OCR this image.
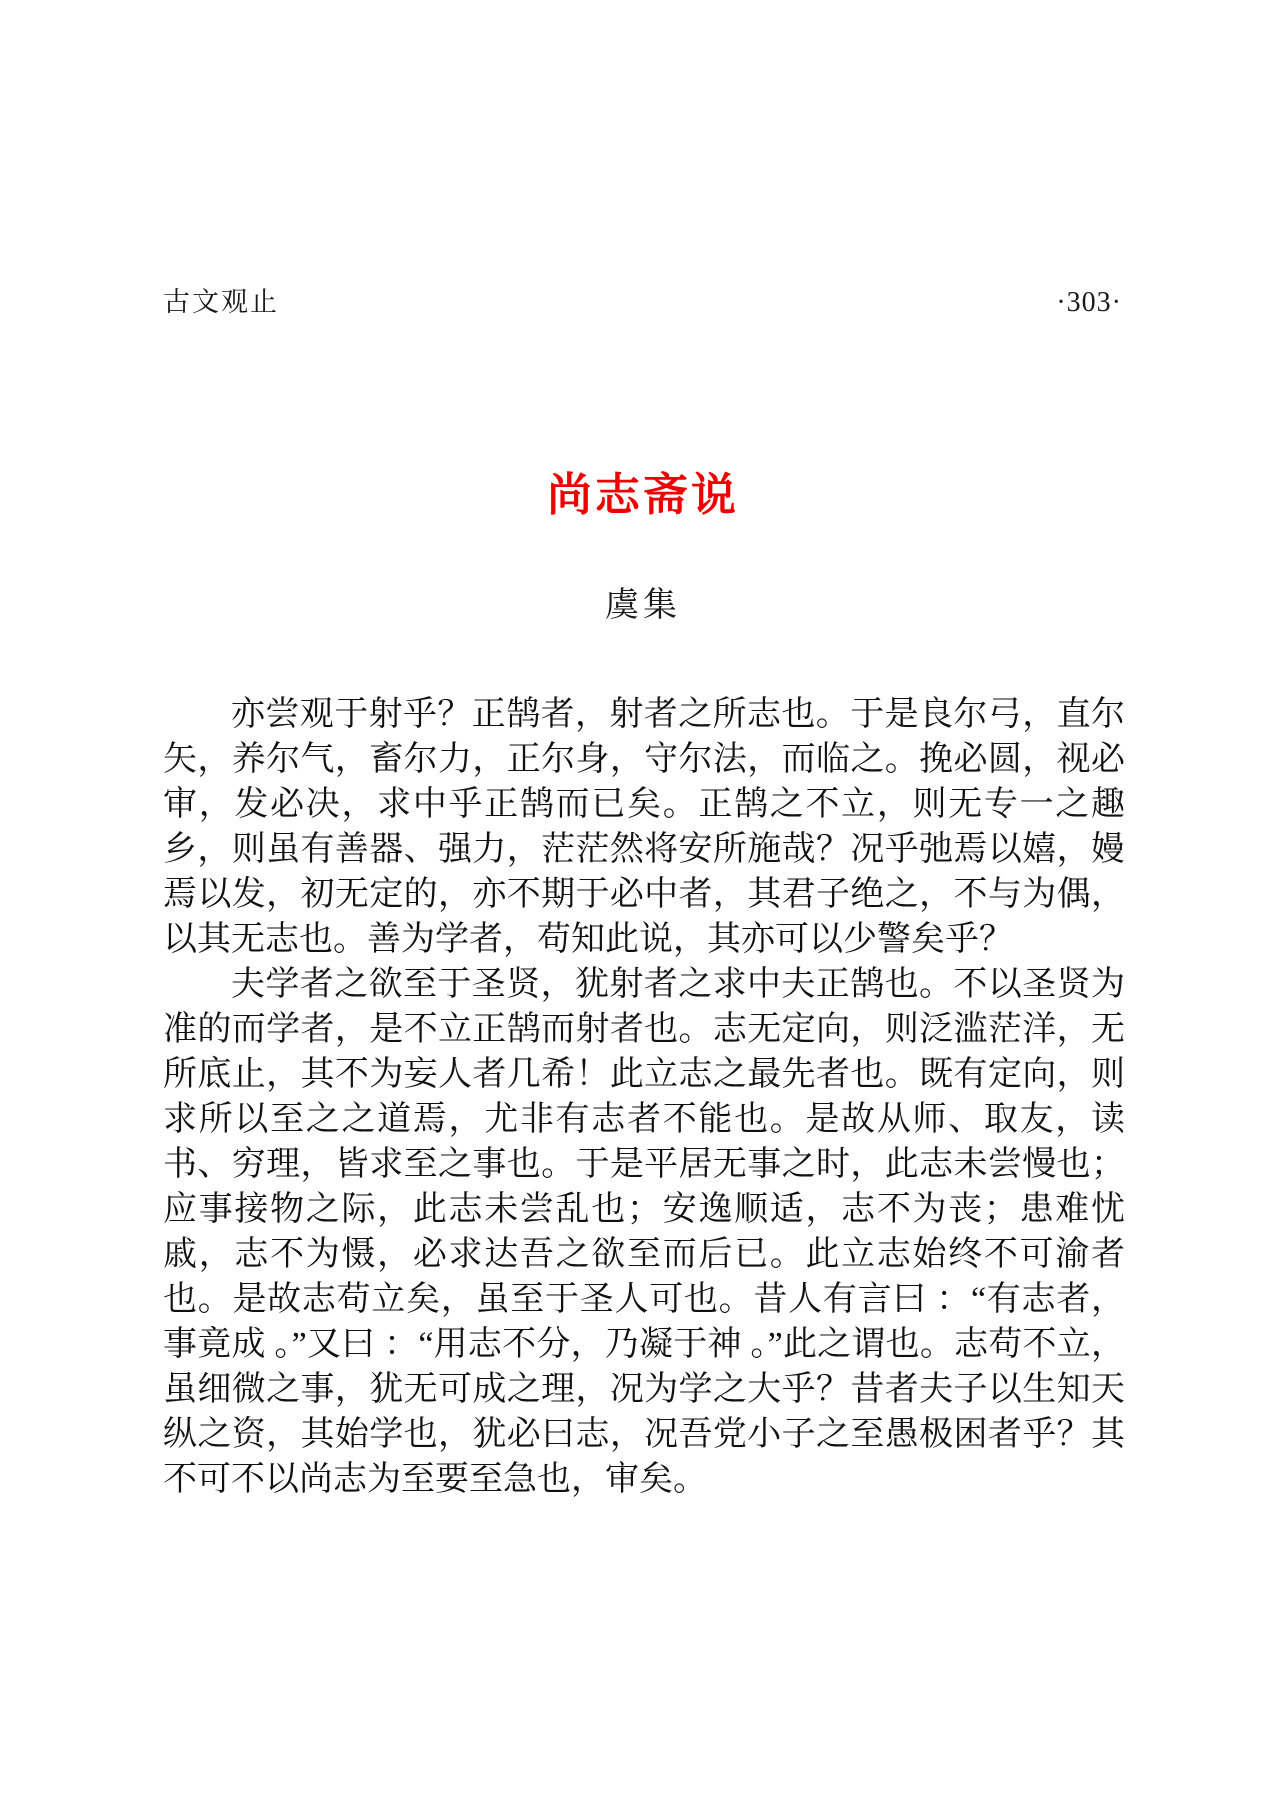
古文观止	·303·
尚志斋说
虞集

亦尝观于射乎？正鹄者，射者之所志也。于是良尔弓，直尔矢，养尔气，畜尔力，正尔身，守尔法，而临之。挽必圆，视必审，发必决，求中乎正鹄而已矣。正鹄之不立，则无专一之趣乡，则虽有善器、强力，茫茫然将安所施哉？况乎弛焉以嬉，嫚焉以发，初无定的，亦不期于必中者，其君子绝之，不与为偶，以其无志也。善为学者，苟知此说，其亦可以少警矣乎？

夫学者之欲至于圣贤，犹射者之求中夫正鹄也。不以圣贤为准的而学者，是不立正鹄而射者也。志无定向，则泛滥茫洋，无所底止，其不为妄人者几希！此立志之最先者也。既有定向，则求所以至之之道焉，尤非有志者不能也。是故从师、取友，读书、穷理，皆求至之事也。于是平居无事之时，此志未尝慢也；应事接物之际，此志未尝乱也；安逸顺适，志不为丧；患难忧戚，志不为慑，必求达吾之欲至而后已。此立志始终不可渝者也。是故志苟立矣，虽至于圣人可也。昔人有言曰 ：“有志者，事竟成 。”又曰 ：“用志不分，乃凝于神 。”此之谓也。志苟不立，虽细微之事，犹无可成之理，况为学之大乎？昔者夫子以生知天纵之资，其始学也，犹必曰志，况吾党小子之至愚极困者乎？其不可不以尚志为至要至急也，审矣。
